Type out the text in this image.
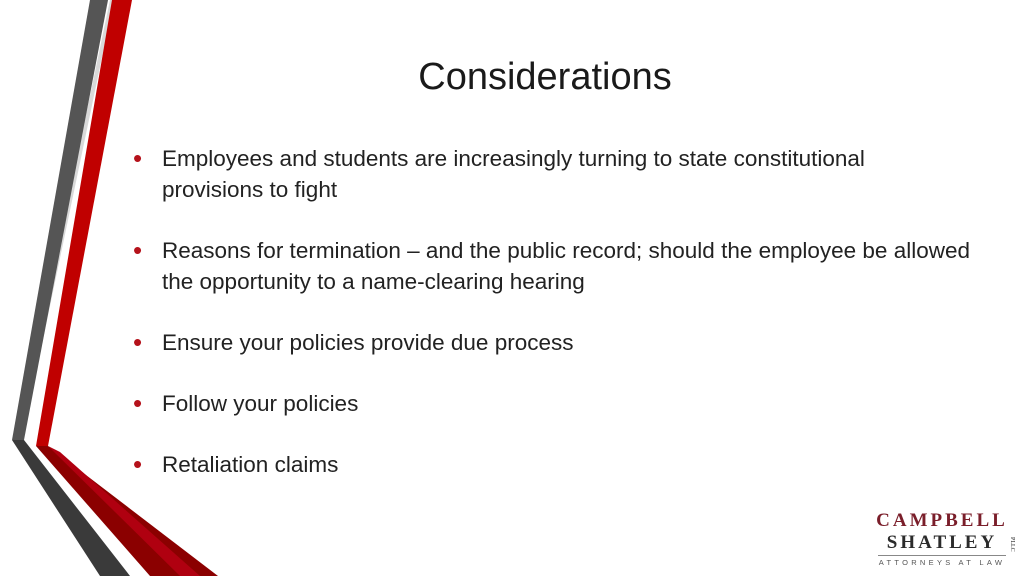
Considerations
• Employees and students are increasingly turning to state constitutional provisions to fight
• Reasons for termination – and the public record; should the employee be allowed the opportunity to a name-clearing hearing
• Ensure your policies provide due process
• Follow your policies
• Retaliation claims
CAMPBELL
SHATLEY	PLLC
ATTORNEYS AT LAW
